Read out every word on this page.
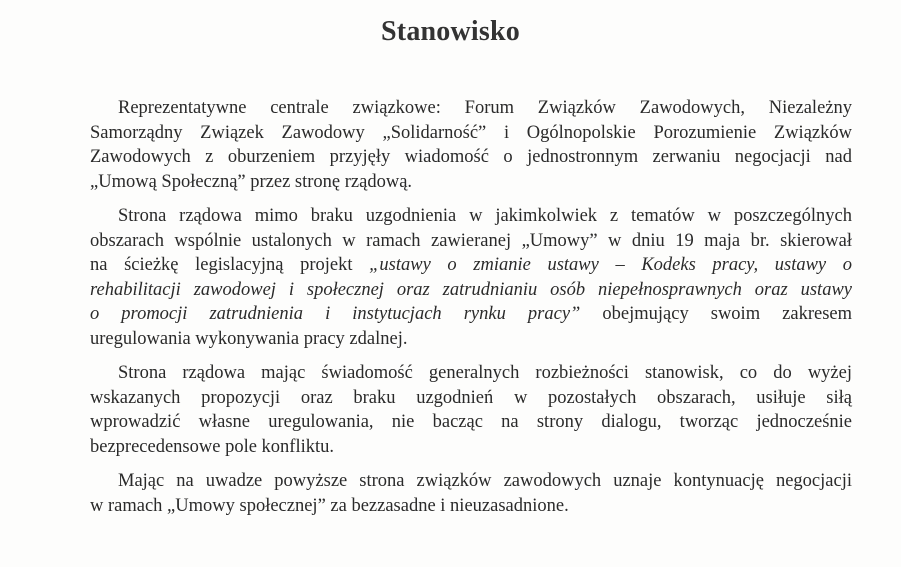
Stanowisko
Reprezentatywne centrale związkowe: Forum Związków Zawodowych, Niezależny
Samorządny Związek Zawodowy „Solidarność” i Ogólnopolskie Porozumienie Związków
Zawodowych z oburzeniem przyjęły wiadomość o jednostronnym zerwaniu negocjacji nad
„Umową Społeczną” przez stronę rządową.
Strona rządowa mimo braku uzgodnienia w jakimkolwiek z tematów w poszczególnych
obszarach wspólnie ustalonych w ramach zawieranej „Umowy” w dniu 19 maja br. skierował
na ścieżkę legislacyjną projekt „ustawy o zmianie ustawy – Kodeks pracy, ustawy o
rehabilitacji zawodowej i społecznej oraz zatrudnianiu osób niepełnosprawnych oraz ustawy
o promocji zatrudnienia i instytucjach rynku pracy” obejmujący swoim zakresem
uregulowania wykonywania pracy zdalnej.
Strona rządowa mając świadomość generalnych rozbieżności stanowisk, co do wyżej
wskazanych propozycji oraz braku uzgodnień w pozostałych obszarach, usiłuje siłą
wprowadzić własne uregulowania, nie bacząc na strony dialogu, tworząc jednocześnie
bezprecedensowe pole konfliktu.
Mając na uwadze powyższe strona związków zawodowych uznaje kontynuację negocjacji
w ramach „Umowy społecznej” za bezzasadne i nieuzasadnione.
